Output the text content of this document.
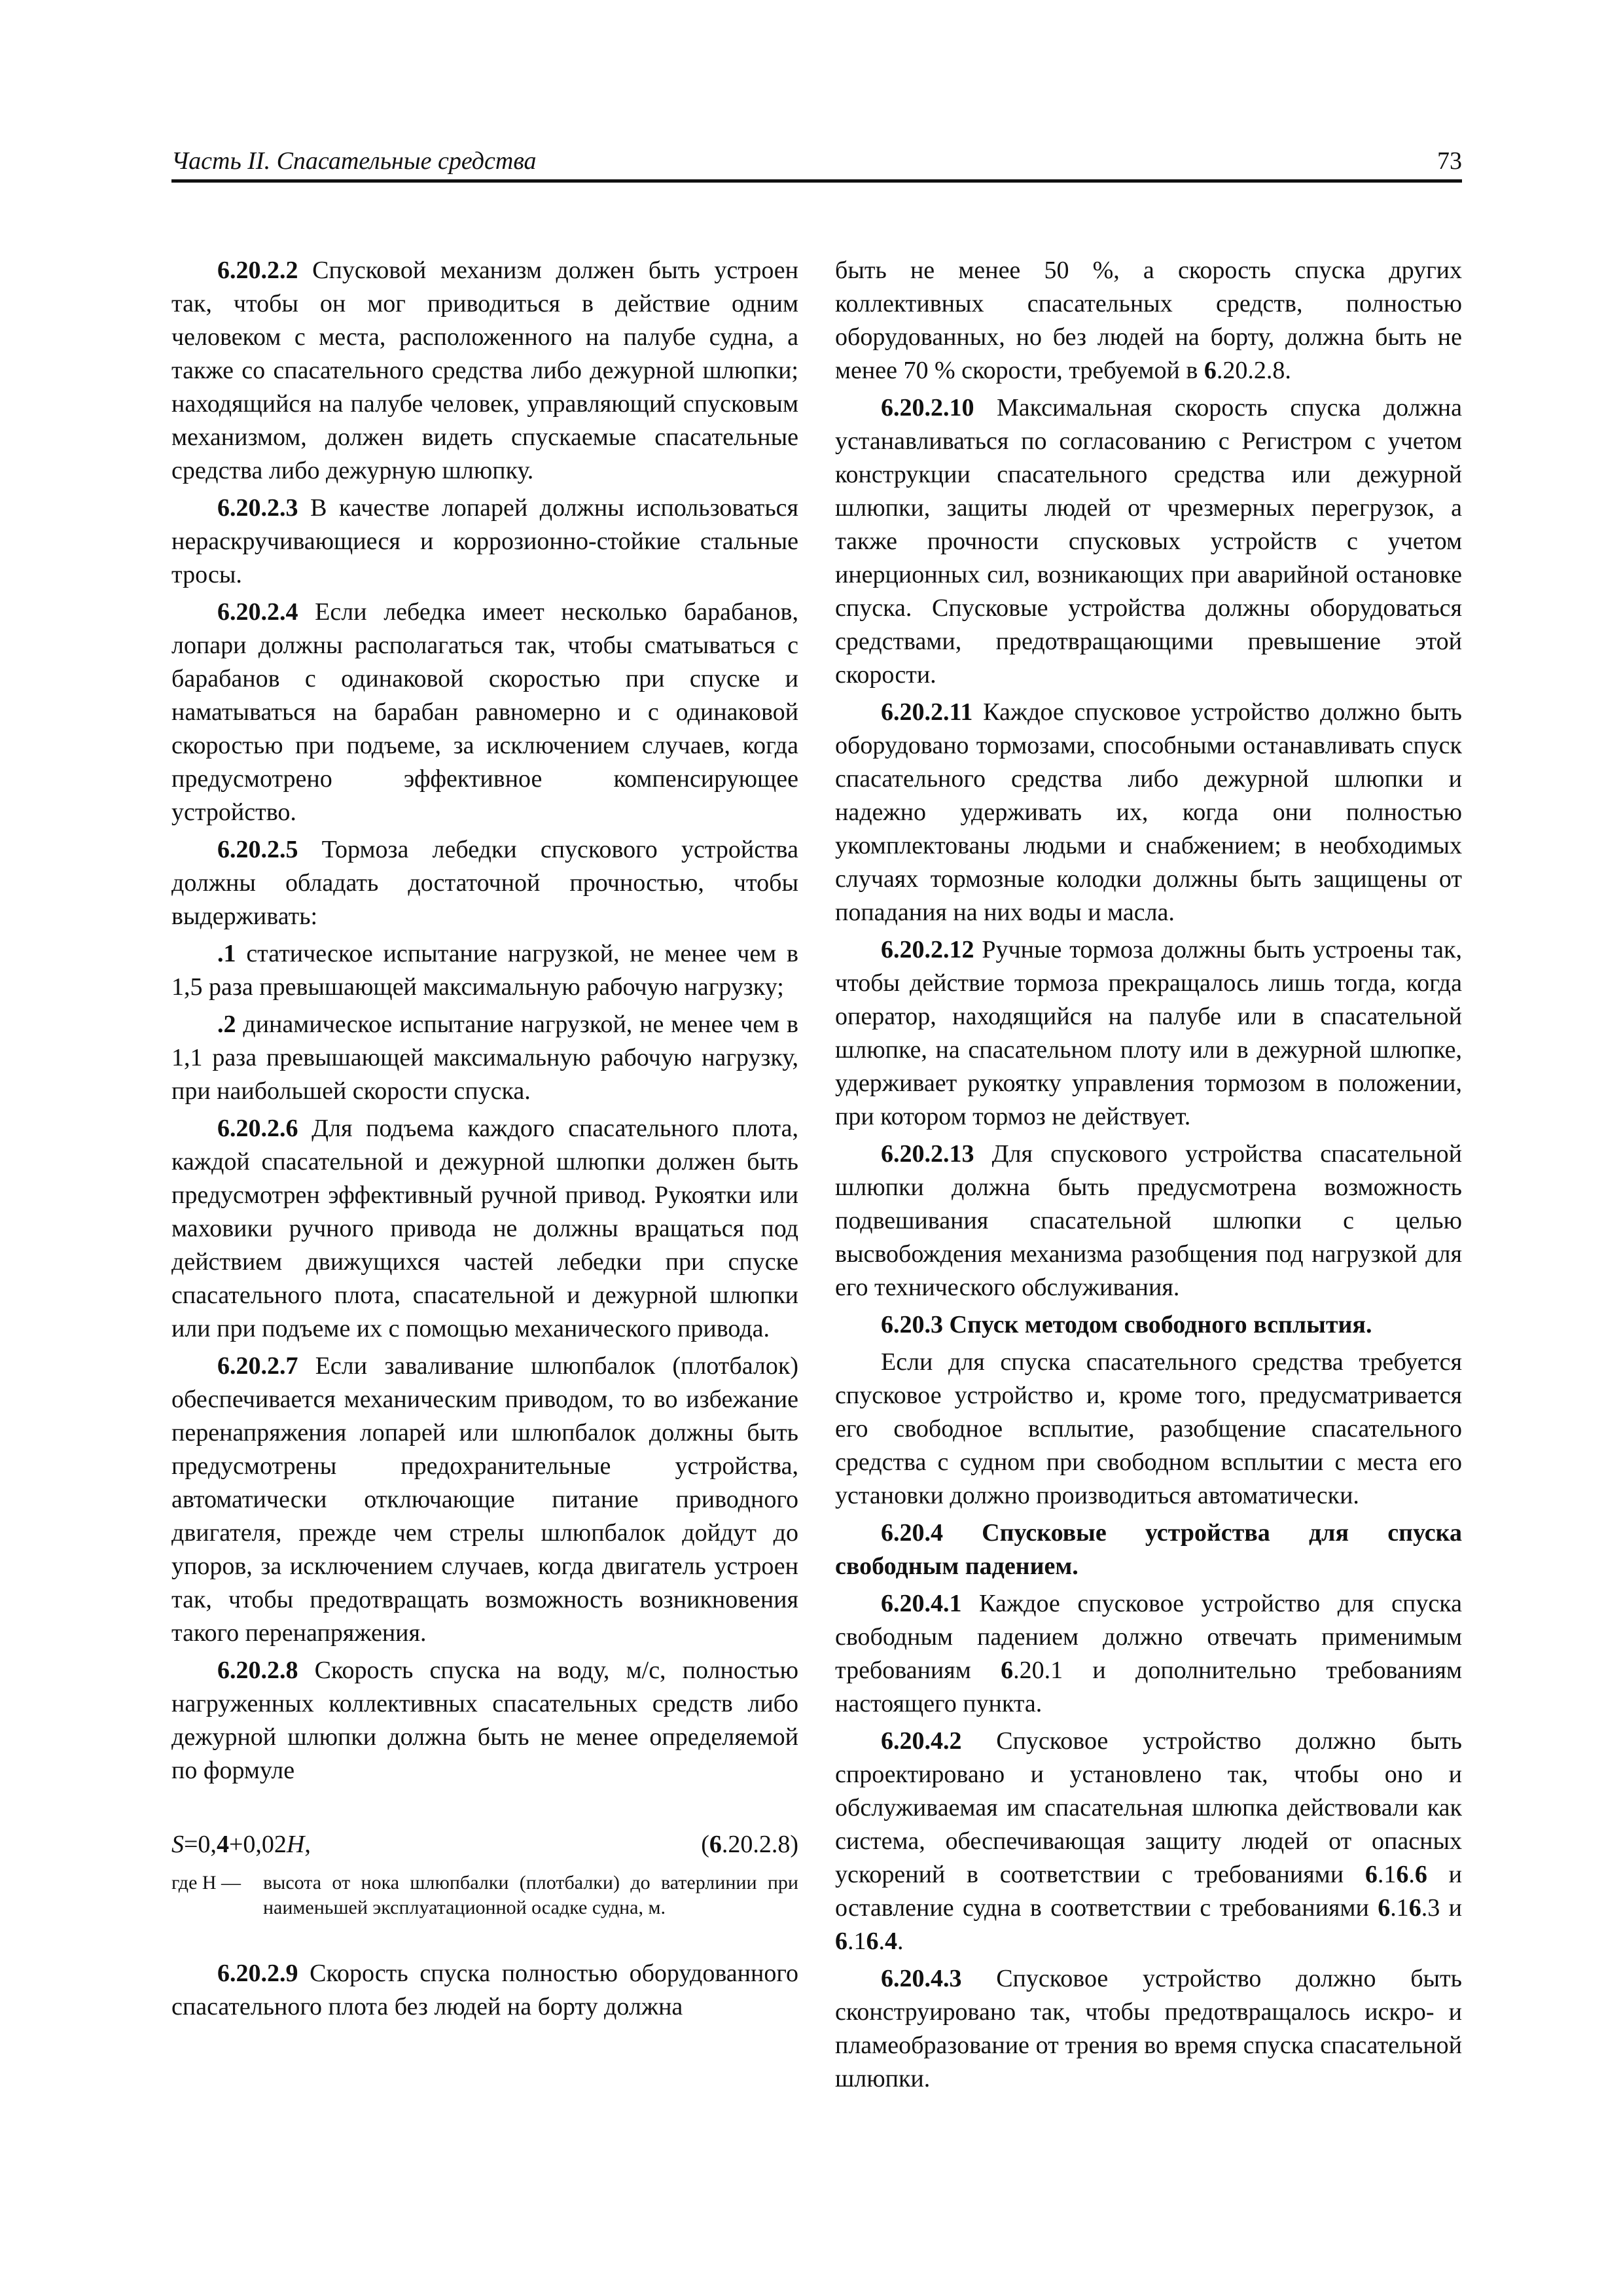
Часть II. Спасательные средства	73

6.20.2.2 Спусковой механизм должен быть устроен так, чтобы он мог приводиться в действие одним человеком с места, расположенного на палубе судна, а также со спасательного средства либо дежурной шлюпки; находящийся на палубе человек, управляющий спусковым механизмом, должен видеть спускаемые спасательные средства либо дежурную шлюпку.

6.20.2.3 В качестве лопарей должны использоваться нераскручивающиеся и коррозионно-стойкие стальные тросы.

6.20.2.4 Если лебедка имеет несколько барабанов, лопари должны располагаться так, чтобы сматываться с барабанов с одинаковой скоростью при спуске и наматываться на барабан равномерно и с одинаковой скоростью при подъеме, за исключением случаев, когда предусмотрено эффективное компенсирующее устройство.

6.20.2.5 Тормоза лебедки спускового устройства должны обладать достаточной прочностью, чтобы выдерживать:

.1 статическое испытание нагрузкой, не менее чем в 1,5 раза превышающей максимальную рабочую нагрузку;

.2 динамическое испытание нагрузкой, не менее чем в 1,1 раза превышающей максимальную рабочую нагрузку, при наибольшей скорости спуска.

6.20.2.6 Для подъема каждого спасательного плота, каждой спасательной и дежурной шлюпки должен быть предусмотрен эффективный ручной привод. Рукоятки или маховики ручного привода не должны вращаться под действием движущихся частей лебедки при спуске спасательного плота, спасательной и дежурной шлюпки или при подъеме их с помощью механического привода.

6.20.2.7 Если заваливание шлюпбалок (плотбалок) обеспечивается механическим приводом, то во избежание перенапряжения лопарей или шлюпбалок должны быть предусмотрены предохранительные устройства, автоматически отключающие питание приводного двигателя, прежде чем стрелы шлюпбалок дойдут до упоров, за исключением случаев, когда двигатель устроен так, чтобы предотвращать возможность возникновения такого перенапряжения.

6.20.2.8 Скорость спуска на воду, м/с, полностью нагруженных коллективных спасательных средств либо дежурной шлюпки должна быть не менее определяемой по формуле

S=0,4+0,02H,	(6.20.2.8)
где H —	высота от нока шлюпбалки (плотбалки) до ватерлинии при наименьшей эксплуатационной осадке судна, м.

6.20.2.9 Скорость спуска полностью оборудованного спасательного плота без людей на борту должна

быть не менее 50 %, а скорость спуска других коллективных спасательных средств, полностью оборудованных, но без людей на борту, должна быть не менее 70 % скорости, требуемой в 6.20.2.8.

6.20.2.10 Максимальная скорость спуска должна устанавливаться по согласованию с Регистром с учетом конструкции спасательного средства или дежурной шлюпки, защиты людей от чрезмерных перегрузок, а также прочности спусковых устройств с учетом инерционных сил, возникающих при аварийной остановке спуска. Спусковые устройства должны оборудоваться средствами, предотвращающими превышение этой скорости.

6.20.2.11 Каждое спусковое устройство должно быть оборудовано тормозами, способными останавливать спуск спасательного средства либо дежурной шлюпки и надежно удерживать их, когда они полностью укомплектованы людьми и снабжением; в необходимых случаях тормозные колодки должны быть защищены от попадания на них воды и масла.

6.20.2.12 Ручные тормоза должны быть устроены так, чтобы действие тормоза прекращалось лишь тогда, когда оператор, находящийся на палубе или в спасательной шлюпке, на спасательном плоту или в дежурной шлюпке, удерживает рукоятку управления тормозом в положении, при котором тормоз не действует.

6.20.2.13 Для спускового устройства спасательной шлюпки должна быть предусмотрена возможность подвешивания спасательной шлюпки с целью высвобождения механизма разобщения под нагрузкой для его технического обслуживания.

6.20.3 Спуск методом свободного всплытия.

Если для спуска спасательного средства требуется спусковое устройство и, кроме того, предусматривается его свободное всплытие, разобщение спасательного средства с судном при свободном всплытии с места его установки должно производиться автоматически.

6.20.4 Спусковые устройства для спуска свободным падением.

6.20.4.1 Каждое спусковое устройство для спуска свободным падением должно отвечать применимым требованиям 6.20.1 и дополнительно требованиям настоящего пункта.

6.20.4.2 Спусковое устройство должно быть спроектировано и установлено так, чтобы оно и обслуживаемая им спасательная шлюпка действовали как система, обеспечивающая защиту людей от опасных ускорений в соответствии с требованиями 6.16.6 и оставление судна в соответствии с требованиями 6.16.3 и 6.16.4.

6.20.4.3 Спусковое устройство должно быть сконструировано так, чтобы предотвращалось искро- и пламеобразование от трения во время спуска спасательной шлюпки.
